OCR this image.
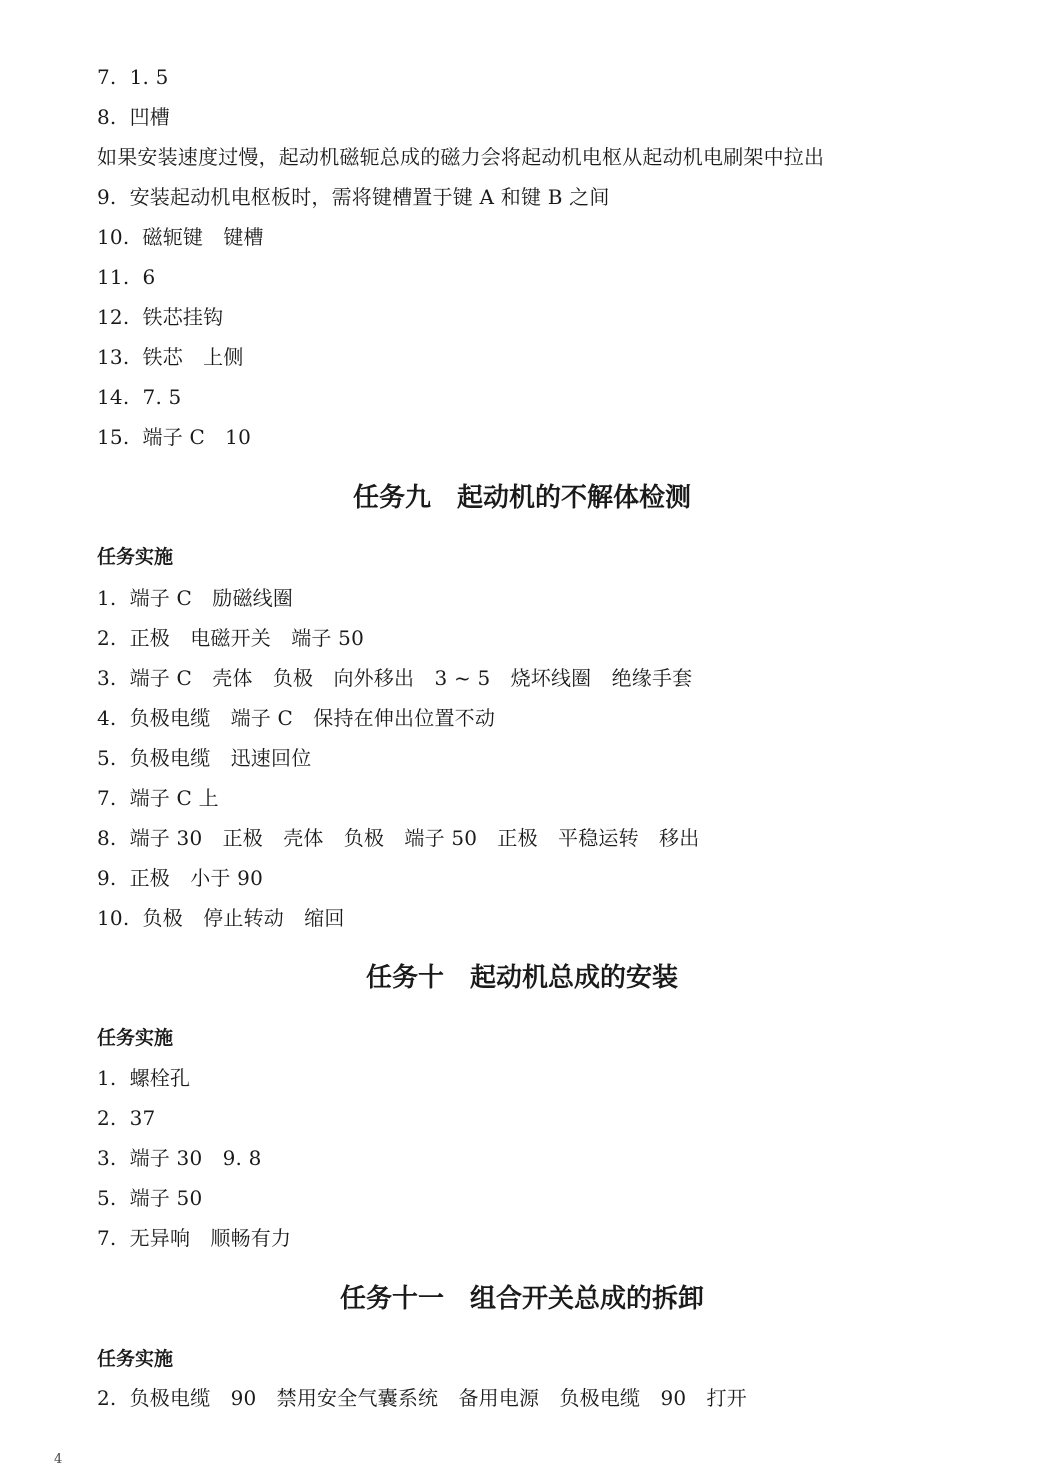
7.  1. 5
8.  凹槽
如果安装速度过慢，起动机磁轭总成的磁力会将起动机电枢从起动机电刷架中拉出
9.  安装起动机电枢板时，需将键槽置于键 A 和键 B 之间
10.  磁轭键　键槽
11.  6
12.  铁芯挂钩
13.  铁芯　上侧
14.  7. 5
15.  端子 C　10
任务九　起动机的不解体检测
任务实施
1.  端子 C　励磁线圈
2.  正极　电磁开关　端子 50
3.  端子 C　壳体　负极　向外移出　3 ~ 5　烧坏线圈　绝缘手套
4.  负极电缆　端子 C　保持在伸出位置不动
5.  负极电缆　迅速回位
7.  端子 C 上
8.  端子 30　正极　壳体　负极　端子 50　正极　平稳运转　移出
9.  正极　小于 90
10.  负极　停止转动　缩回
任务十　起动机总成的安装
任务实施
1.  螺栓孔
2.  37
3.  端子 30　9. 8
5.  端子 50
7.  无异响　顺畅有力
任务十一　组合开关总成的拆卸
任务实施
2.  负极电缆　90　禁用安全气囊系统　备用电源　负极电缆　90　打开
4
